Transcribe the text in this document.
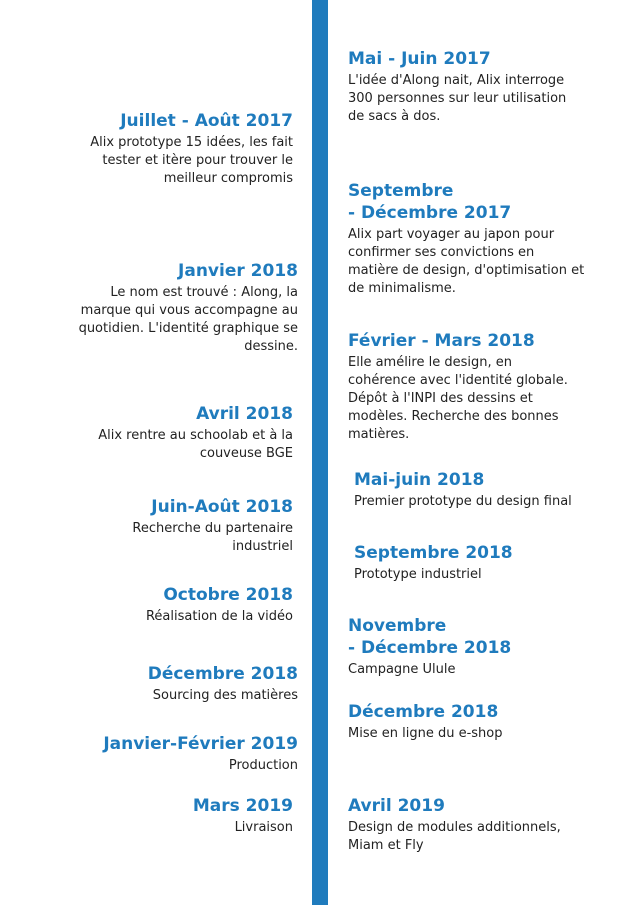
Juillet - Août 2017
Alix prototype 15 idées, les fait
tester et itère pour trouver le
meilleur compromis
Janvier 2018
Le nom est trouvé : Along, la
marque qui vous accompagne au
quotidien. L'identité graphique se
dessine.
Avril 2018
Alix rentre au schoolab et à la
couveuse BGE
Juin-Août 2018
Recherche du partenaire
industriel
Octobre 2018
Réalisation de la vidéo
Décembre 2018
Sourcing des matières
Janvier-Février 2019
Production
Mars 2019
Livraison
Mai - Juin 2017
L'idée d'Along nait, Alix interroge
300 personnes sur leur utilisation
de sacs à dos.
Septembre
- Décembre 2017
Alix part voyager au japon pour
confirmer ses convictions en
matière de design, d'optimisation et
de minimalisme.
Février - Mars 2018
Elle amélire le design, en
cohérence avec l'identité globale.
Dépôt à l'INPI des dessins et
modèles. Recherche des bonnes
matières.
Mai-juin 2018
Premier prototype du design final
Septembre 2018
Prototype industriel
Novembre
- Décembre 2018
Campagne Ulule
Décembre 2018
Mise en ligne du e-shop
Avril 2019
Design de modules additionnels,
Miam et Fly
